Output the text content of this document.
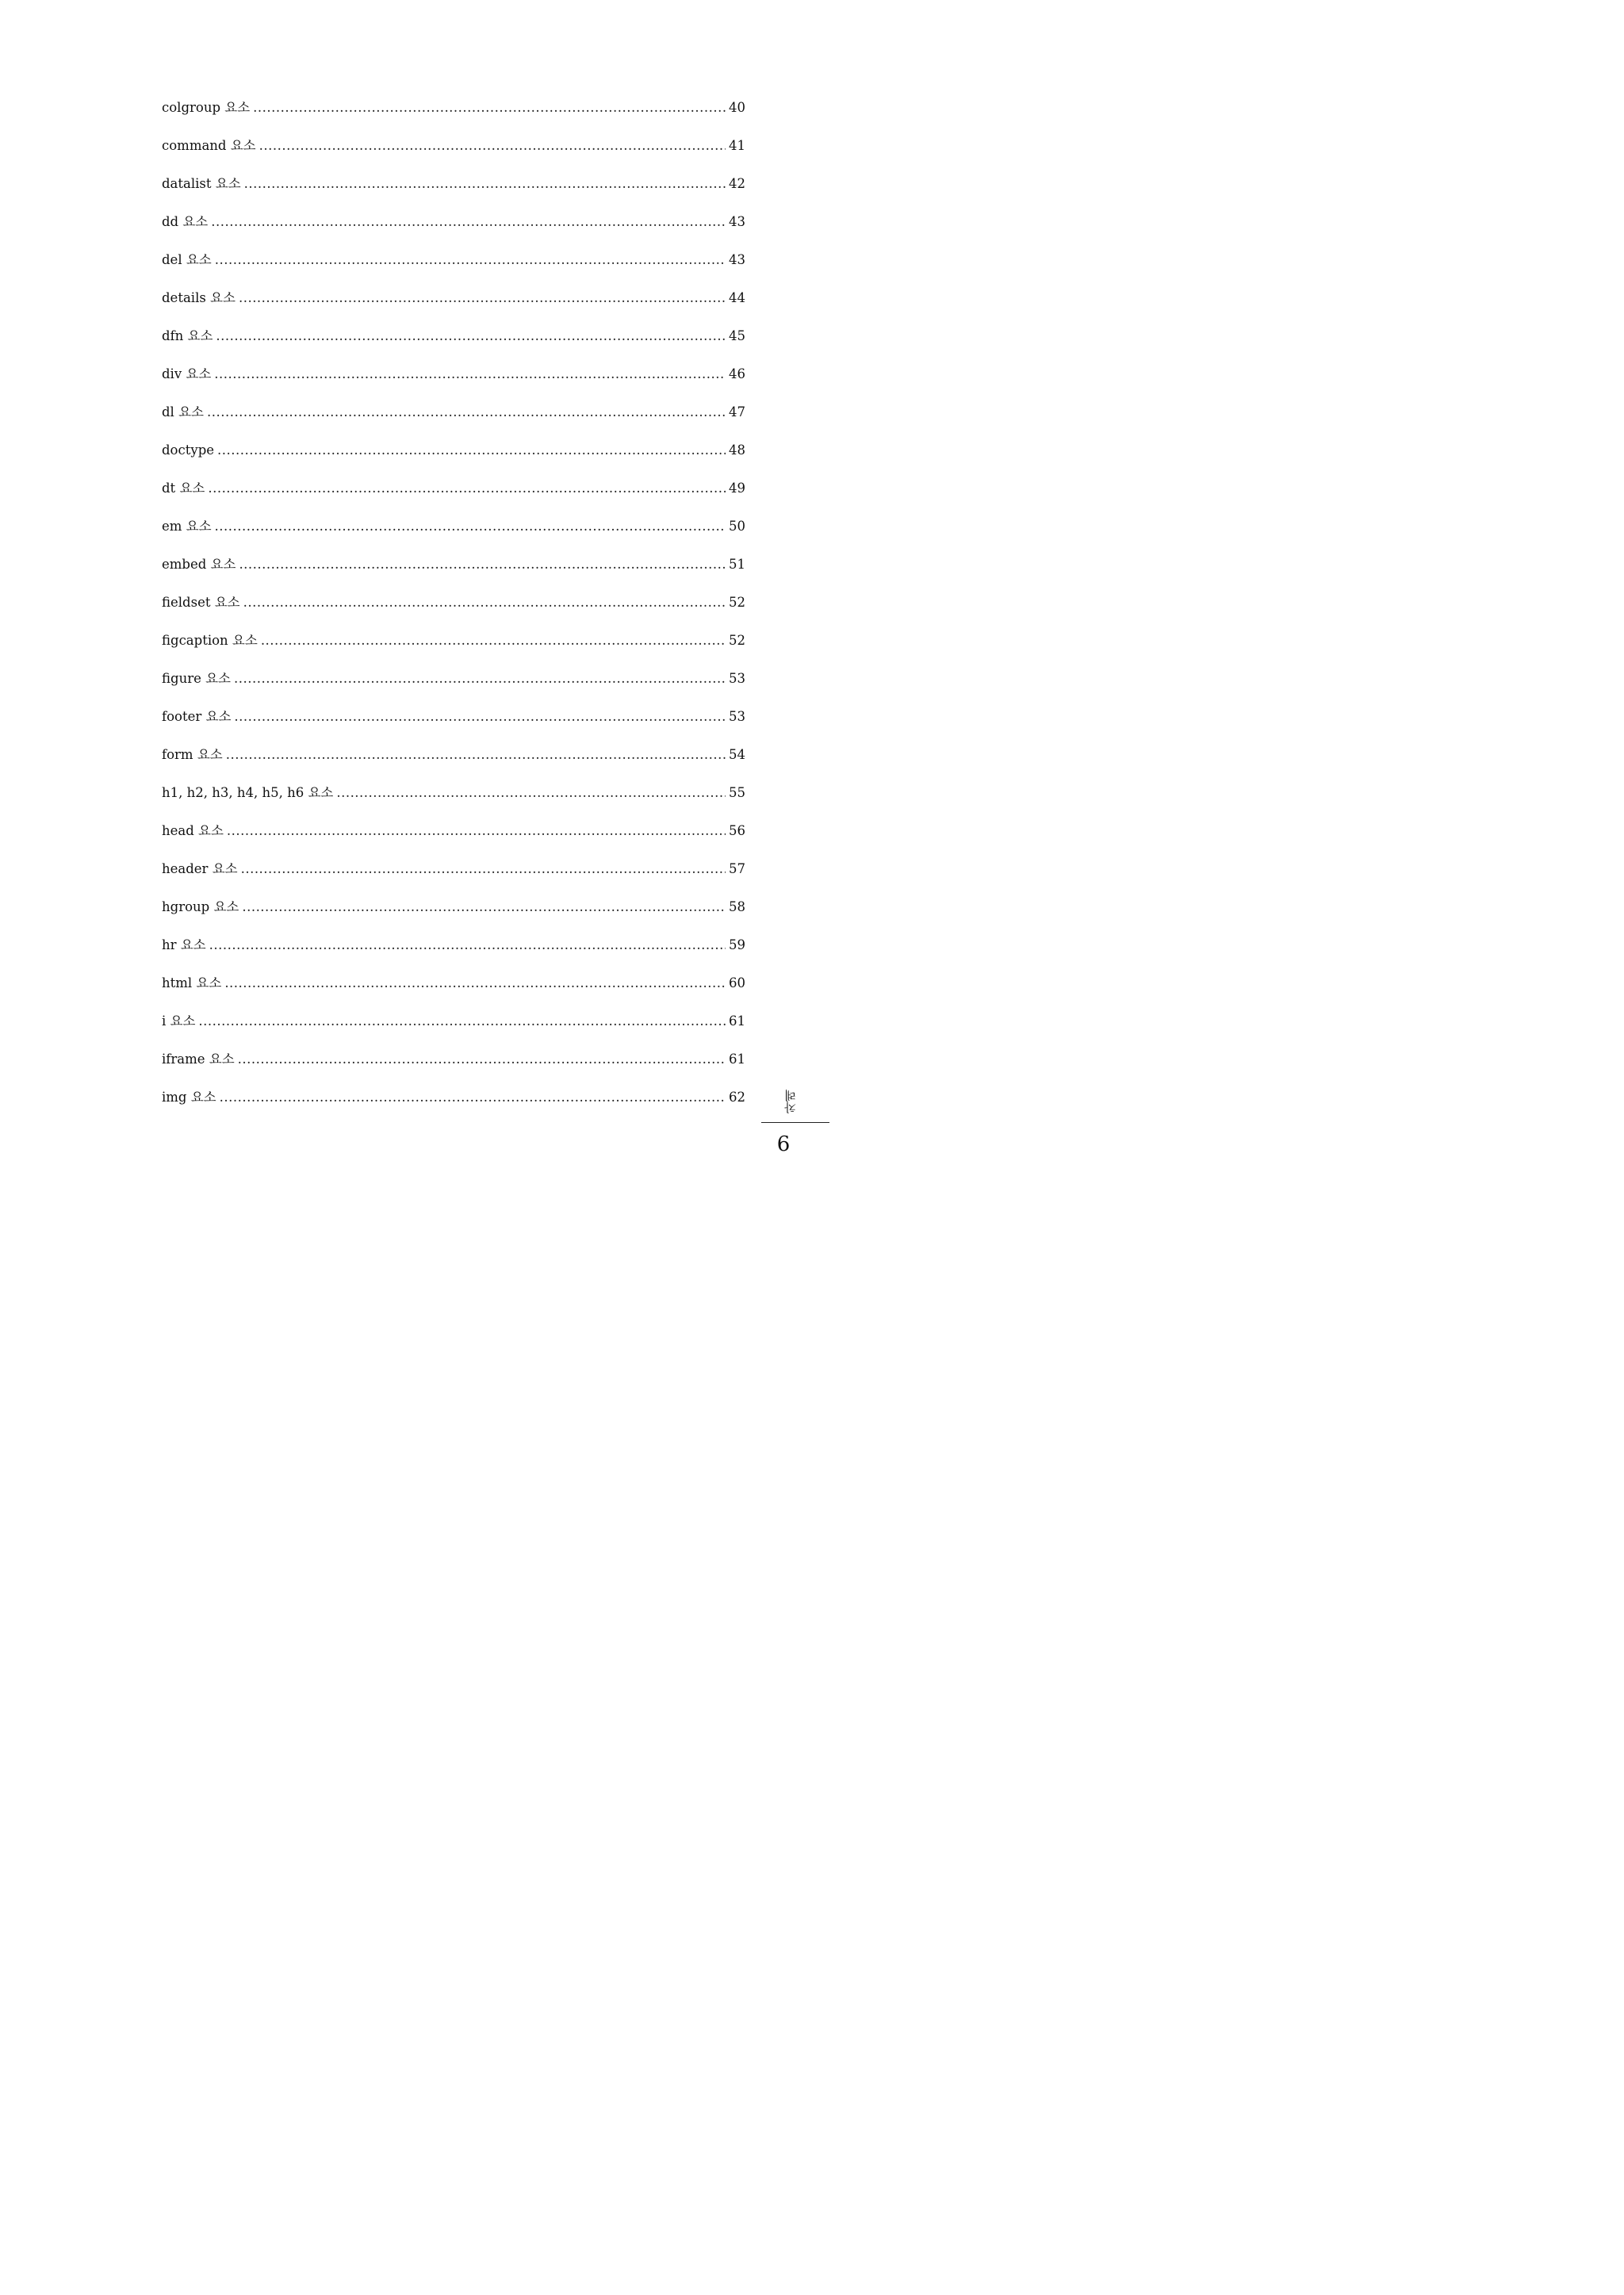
colgroup 요소 .....	40
command 요소 .....	41
datalist 요소 .....	42
dd 요소 .....	43
del 요소 .....	43
details 요소 .....	44
dfn 요소 .....	45
div 요소 .....	46
dl 요소 .....	47
doctype .....	48
dt 요소 .....	49
em 요소 .....	50
embed 요소 .....	51
fieldset 요소 .....	52
figcaption 요소 .....	52
figure 요소 .....	53
footer 요소 .....	53
form 요소 .....	54
h1, h2, h3, h4, h5, h6 요소 .....	55
head 요소 .....	56
header 요소 .....	57
hgroup 요소 .....	58
hr 요소 .....	59
html 요소 .....	60
i 요소 .....	61
iframe 요소 .....	61
img 요소 .....	62	차례
6
